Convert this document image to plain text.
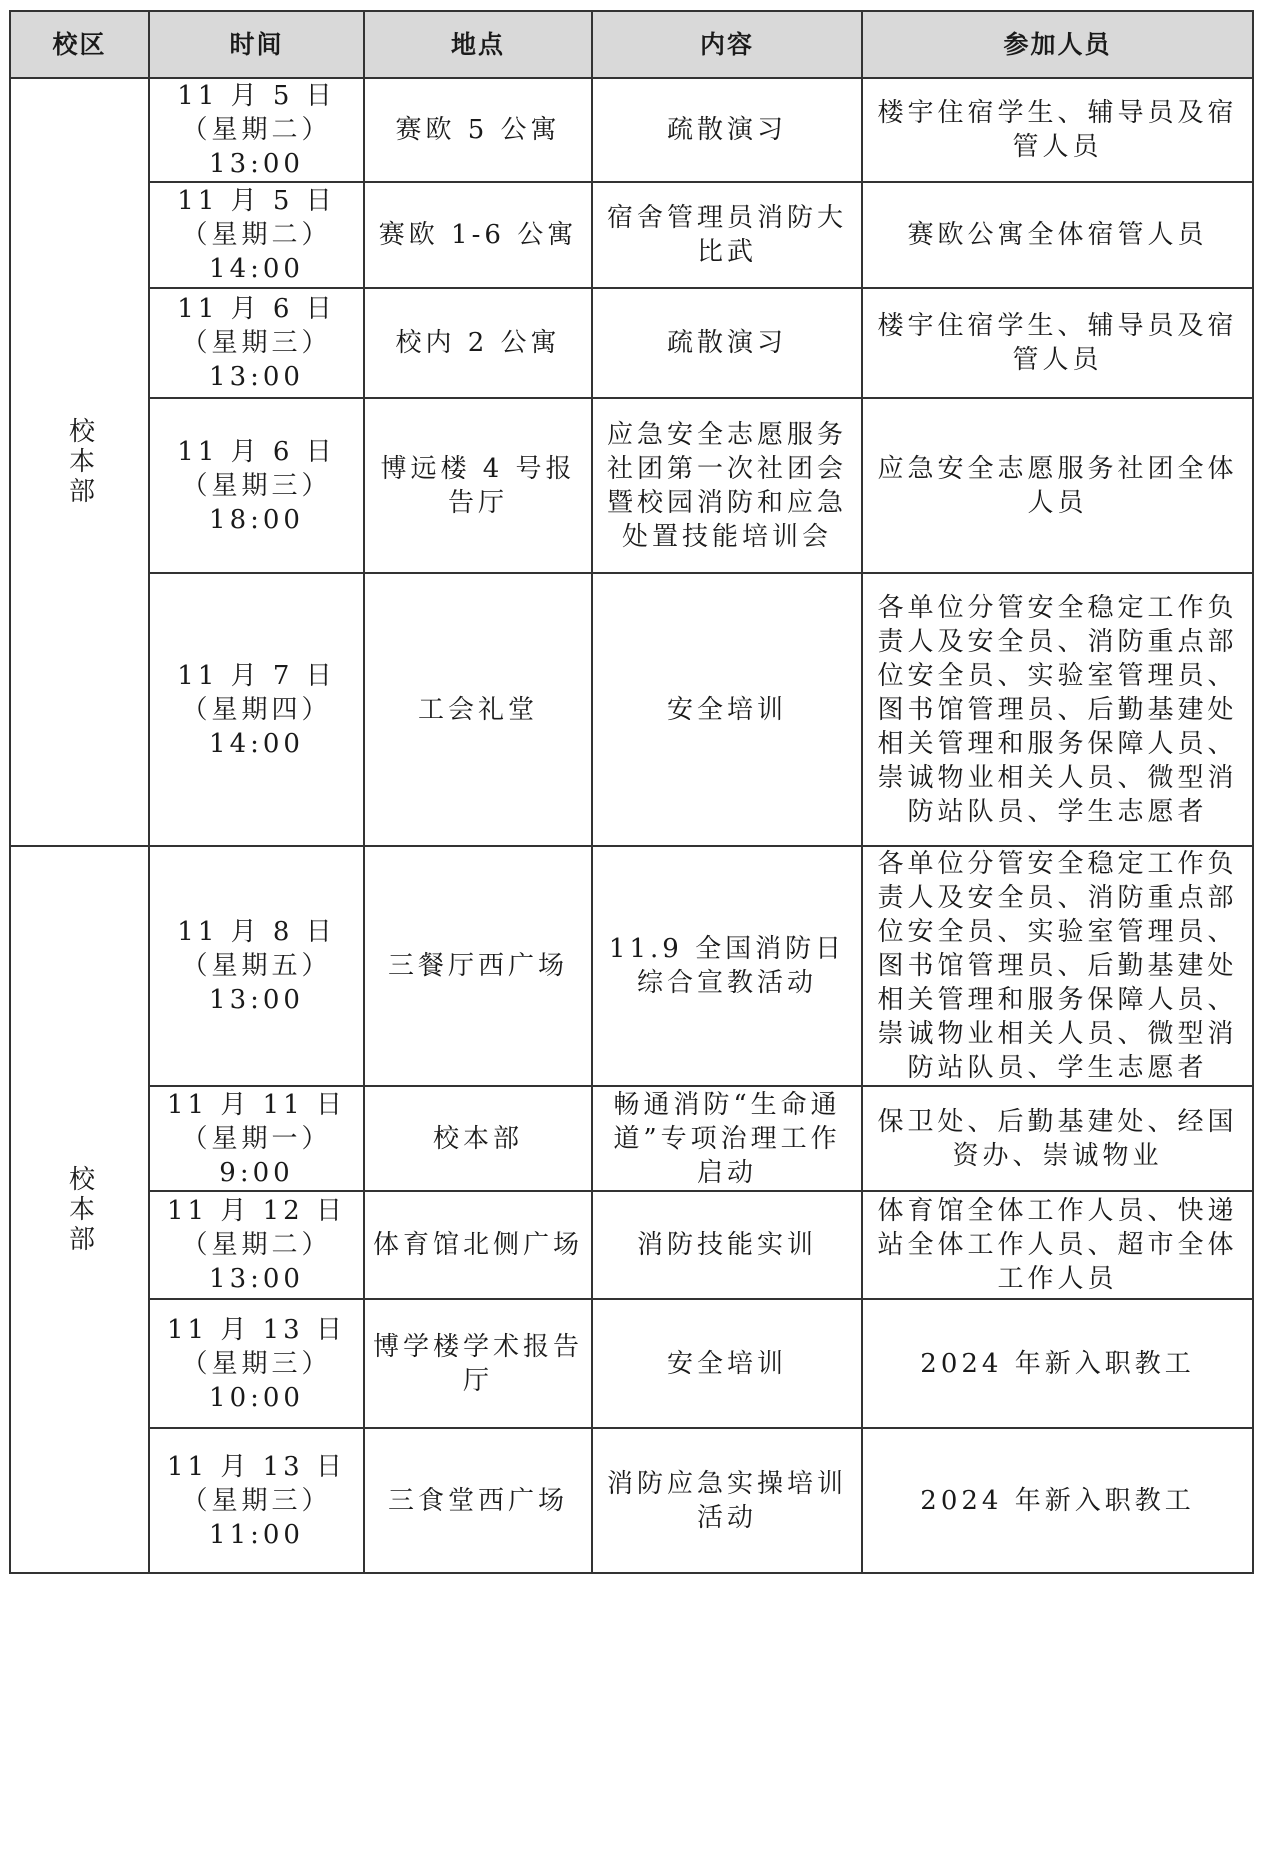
校区	时间	地点	内容	参加人员
校本部	11 月 5 日
（星期二）
13:00	赛欧 5 公寓	疏散演习	楼宇住宿学生、辅导员及宿管人员

	11 月 5 日
（星期二）
14:00	赛欧 1-6 公寓	宿舍管理员消防大比武	赛欧公寓全体宿管人员

	11 月 6 日
（星期三）
13:00	校内 2 公寓	疏散演习	楼宇住宿学生、辅导员及宿管人员

	11 月 6 日
（星期三）
18:00	博远楼 4 号报告厅	应急安全志愿服务社团第一次社团会暨校园消防和应急处置技能培训会	应急安全志愿服务社团全体人员

	11 月 7 日
（星期四）
14:00	工会礼堂	安全培训	各单位分管安全稳定工作负责人及安全员、消防重点部位安全员、实验室管理员、图书馆管理员、后勤基建处相关管理和服务保障人员、崇诚物业相关人员、微型消防站队员、学生志愿者
校本部	11 月 8 日
（星期五）
13:00	三餐厅西广场	11.9 全国消防日综合宣教活动	各单位分管安全稳定工作负责人及安全员、消防重点部位安全员、实验室管理员、图书馆管理员、后勤基建处相关管理和服务保障人员、崇诚物业相关人员、微型消防站队员、学生志愿者

	11 月 11 日
（星期一）
9:00	校本部	畅通消防“生命通道”专项治理工作启动	保卫处、后勤基建处、经国资办、崇诚物业

	11 月 12 日
（星期二）
13:00	体育馆北侧广场	消防技能实训	体育馆全体工作人员、快递站全体工作人员、超市全体工作人员

	11 月 13 日
（星期三）
10:00	博学楼学术报告厅	安全培训	2024 年新入职教工

	11 月 13 日
（星期三）
11:00	三食堂西广场	消防应急实操培训活动	2024 年新入职教工
